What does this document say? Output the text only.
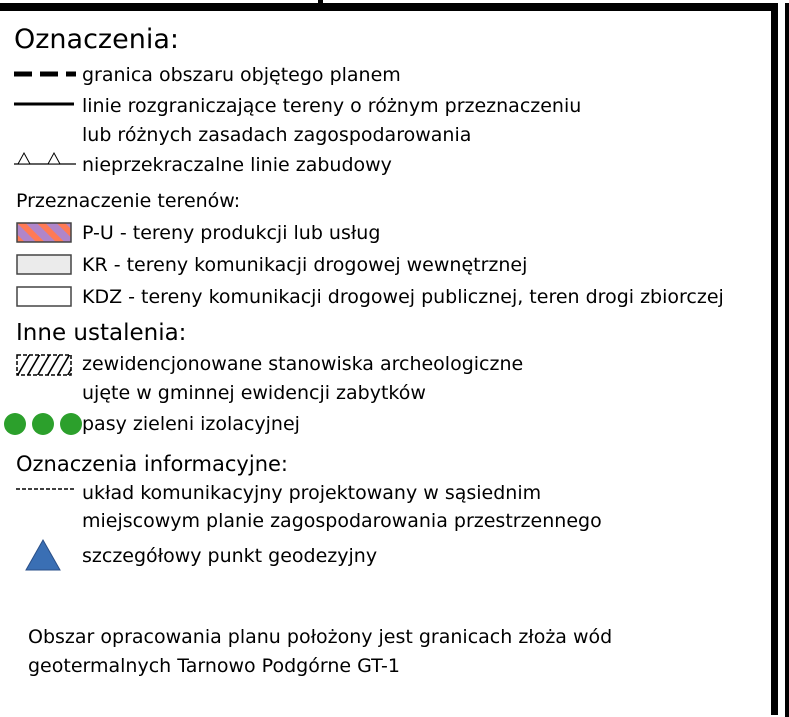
Oznaczenia:
granica obszaru objętego planem
linie rozgraniczające tereny o różnym przeznaczeniu
lub różnych zasadach zagospodarowania
nieprzekraczalne linie zabudowy
Przeznaczenie terenów:
P-U - tereny produkcji lub usług
KR - tereny komunikacji drogowej wewnętrznej
KDZ - tereny komunikacji drogowej publicznej, teren drogi zbiorczej
Inne ustalenia:
zewidencjonowane stanowiska archeologiczne
ujęte w gminnej ewidencji zabytków
pasy zieleni izolacyjnej
Oznaczenia informacyjne:
układ komunikacyjny projektowany w sąsiednim
miejscowym planie zagospodarowania przestrzennego
szczegółowy punkt geodezyjny
Obszar opracowania planu położony jest granicach złoża wód
geotermalnych Tarnowo Podgórne GT-1
